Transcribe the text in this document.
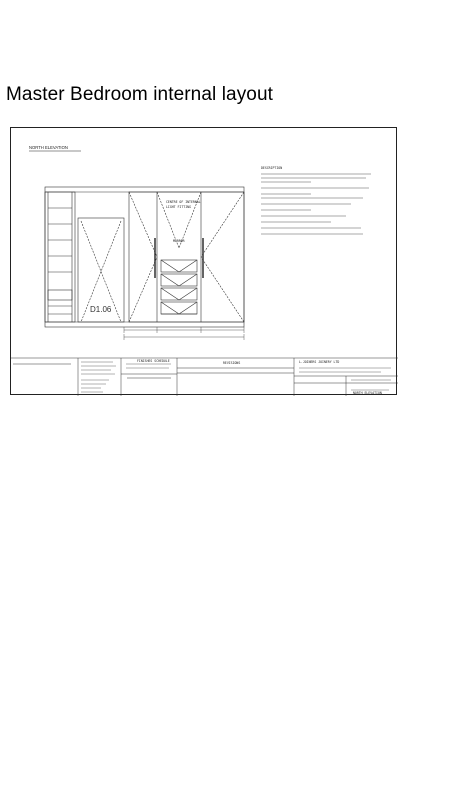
Master Bedroom internal layout
NORTH ELEVATION
CENTRE OF INTERNAL
LIGHT FITTING
MIRROR
D1.06
DESCRIPTION
FINISHES SCHEDULE	REVISIONS	L.JOINERS JOINERY LTD
NORTH ELEVATION
